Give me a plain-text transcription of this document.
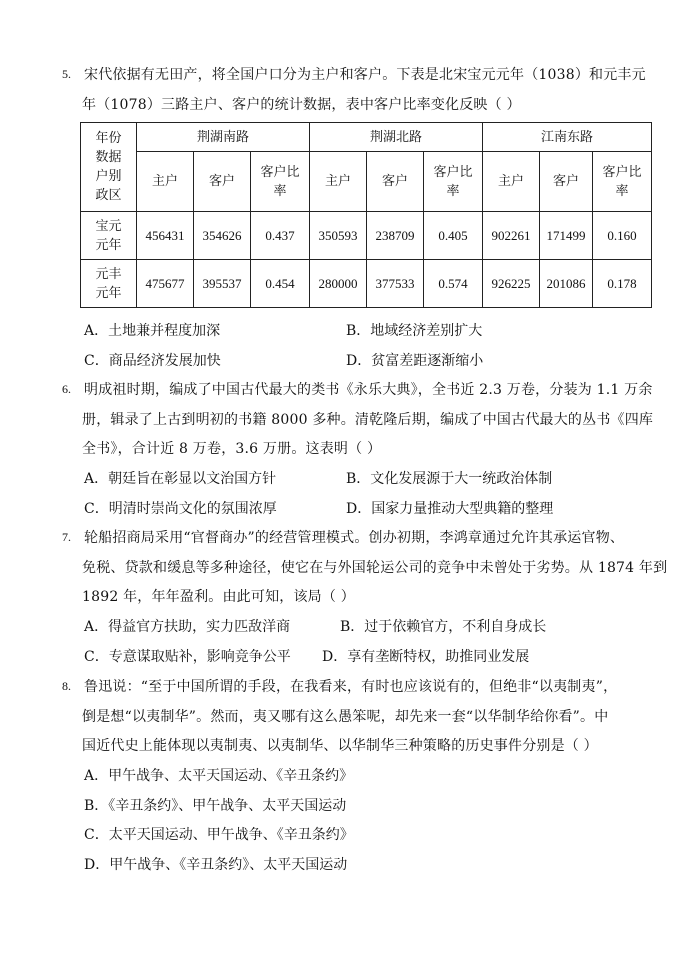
5. 宋代依据有无田产，将全国户口分为主户和客户。下表是北宋宝元元年（1038）和元丰元
年（1078）三路主户、客户的统计数据，表中客户比率变化反映（ ）
年份
数据
户别
政区	荆湖南路			荆湖北路			江南东路		
	主户	客户	客户比率	主户	客户	客户比率	主户	客户	客户比率
宝元元年	456431	354626	0.437	350593	238709	0.405	902261	171499	0.160
元丰元年	475677	395537	0.454	280000	377533	0.574	926225	201086	0.178
A．土地兼并程度加深	B．地域经济差别扩大
C．商品经济发展加快	D．贫富差距逐渐缩小
6. 明成祖时期，编成了中国古代最大的类书《永乐大典》，全书近 2.3 万卷，分装为 1.1 万余
册，辑录了上古到明初的书籍 8000 多种。清乾隆后期，编成了中国古代最大的丛书《四库
全书》，合计近 8 万卷，3.6 万册。这表明（ ）
A．朝廷旨在彰显以文治国方针	B．文化发展源于大一统政治体制
C．明清时崇尚文化的氛围浓厚	D．国家力量推动大型典籍的整理
7. 轮船招商局采用“官督商办”的经营管理模式。创办初期，李鸿章通过允许其承运官物、
免税、贷款和缓息等多种途径，使它在与外国轮运公司的竞争中未曾处于劣势。从 1874 年到
1892 年，年年盈利。由此可知，该局（ ）
A．得益官方扶助，实力匹敌洋商	B．过于依赖官方，不利自身成长
C．专意谋取贴补，影响竞争公平 D．享有垄断特权，助推同业发展
8. 鲁迅说：“至于中国所谓的手段，在我看来，有时也应该说有的，但绝非“以夷制夷”，
倒是想“以夷制华”。然而，夷又哪有这么愚笨呢，却先来一套“以华制华给你看”。中
国近代史上能体现以夷制夷、以夷制华、以华制华三种策略的历史事件分别是（ ）
A．甲午战争、太平天国运动、《辛丑条约》
B．《辛丑条约》、甲午战争、太平天国运动
C．太平天国运动、甲午战争、《辛丑条约》
D．甲午战争、《辛丑条约》、太平天国运动
